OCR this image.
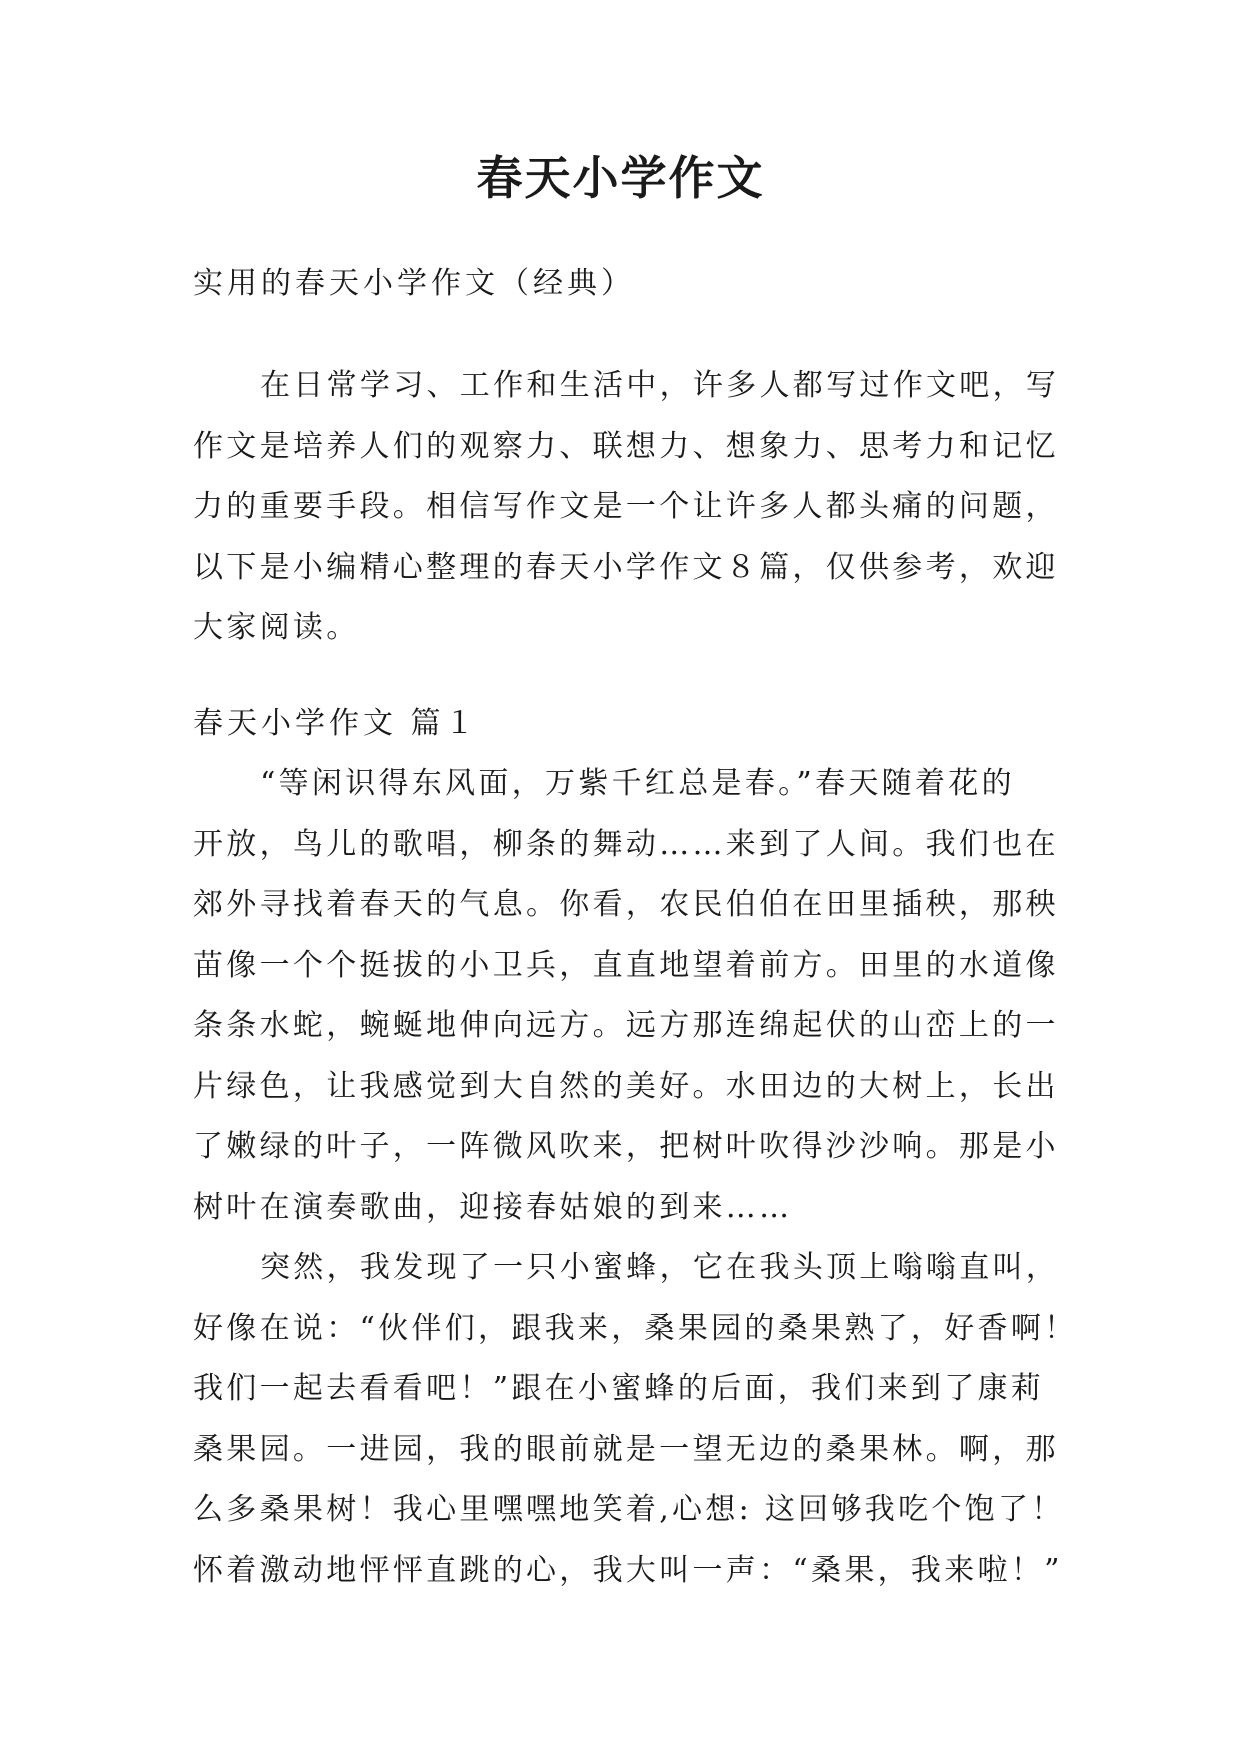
春天小学作文
实用的春天小学作文（经典）
在日常学习、工作和生活中，许多人都写过作文吧，写
作文是培养人们的观察力、联想力、想象力、思考力和记忆
力的重要手段。相信写作文是一个让许多人都头痛的问题，
以下是小编精心整理的春天小学作文８篇，仅供参考，欢迎
大家阅读。
春天小学作文 篇１
“等闲识得东风面，万紫千红总是春。”春天随着花的
开放，鸟儿的歌唱，柳条的舞动……来到了人间。我们也在
郊外寻找着春天的气息。你看，农民伯伯在田里插秧，那秧
苗像一个个挺拔的小卫兵，直直地望着前方。田里的水道像
条条水蛇，蜿蜒地伸向远方。远方那连绵起伏的山峦上的一
片绿色，让我感觉到大自然的美好。水田边的大树上，长出
了嫩绿的叶子，一阵微风吹来，把树叶吹得沙沙响。那是小
树叶在演奏歌曲，迎接春姑娘的到来……
突然，我发现了一只小蜜蜂，它在我头顶上嗡嗡直叫，
好像在说：“伙伴们，跟我来，桑果园的桑果熟了，好香啊！
我们一起去看看吧！”跟在小蜜蜂的后面，我们来到了康莉
桑果园。一进园，我的眼前就是一望无边的桑果林。啊，那
么多桑果树！我心里嘿嘿地笑着,心想: 这回够我吃个饱了！
怀着激动地怦怦直跳的心，我大叫一声：“桑果，我来啦！”
